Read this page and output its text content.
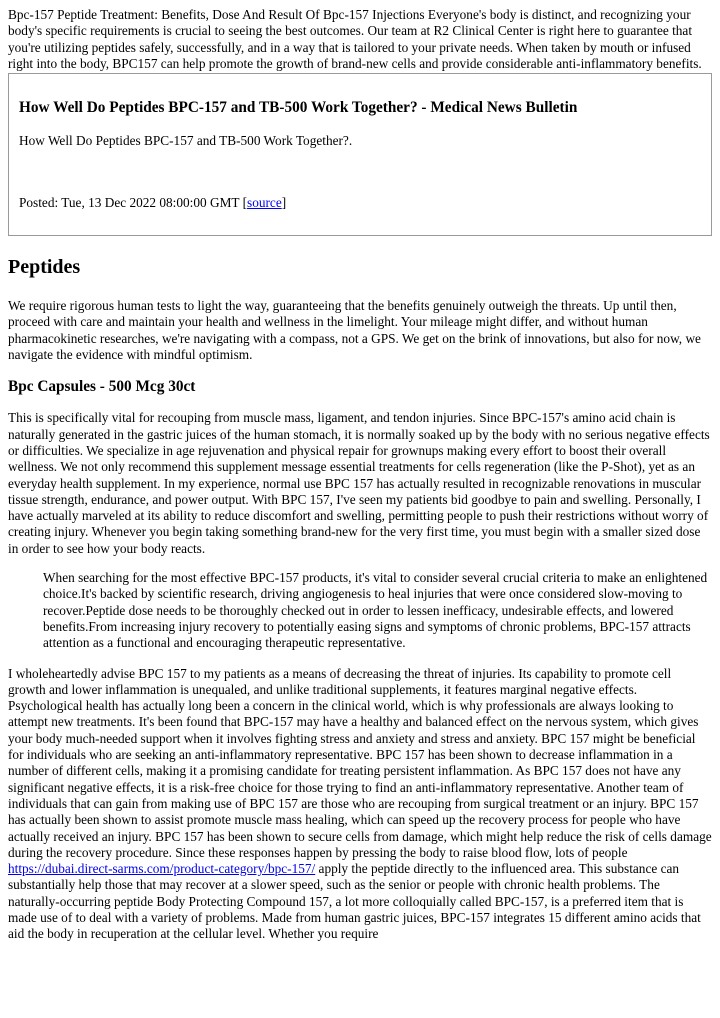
Bpc-157 Peptide Treatment: Benefits, Dose And Result Of Bpc-157 Injections Everyone's body is distinct, and recognizing your body's specific requirements is crucial to seeing the best outcomes. Our team at R2 Clinical Center is right here to guarantee that you're utilizing peptides safely, successfully, and in a way that is tailored to your private needs. When taken by mouth or infused right into the body, BPC157 can help promote the growth of brand-new cells and provide considerable anti-inflammatory benefits.

How Well Do Peptides BPC-157 and TB-500 Work Together? - Medical News Bulletin

How Well Do Peptides BPC-157 and TB-500 Work Together?.

Posted: Tue, 13 Dec 2022 08:00:00 GMT [source]

Peptides

We require rigorous human tests to light the way, guaranteeing that the benefits genuinely outweigh the threats. Up until then, proceed with care and maintain your health and wellness in the limelight. Your mileage might differ, and without human pharmacokinetic researches, we're navigating with a compass, not a GPS. We get on the brink of innovations, but also for now, we navigate the evidence with mindful optimism.

Bpc Capsules - 500 Mcg 30ct

This is specifically vital for recouping from muscle mass, ligament, and tendon injuries. Since BPC-157's amino acid chain is naturally generated in the gastric juices of the human stomach, it is normally soaked up by the body with no serious negative effects or difficulties. We specialize in age rejuvenation and physical repair for grownups making every effort to boost their overall wellness. We not only recommend this supplement message essential treatments for cells regeneration (like the P-Shot), yet as an everyday health supplement. In my experience, normal use BPC 157 has actually resulted in recognizable renovations in muscular tissue strength, endurance, and power output. With BPC 157, I've seen my patients bid goodbye to pain and swelling. Personally, I have actually marveled at its ability to reduce discomfort and swelling, permitting people to push their restrictions without worry of creating injury. Whenever you begin taking something brand-new for the very first time, you must begin with a smaller sized dose in order to see how your body reacts.

When searching for the most effective BPC-157 products, it's vital to consider several crucial criteria to make an enlightened choice.It's backed by scientific research, driving angiogenesis to heal injuries that were once considered slow-moving to recover.Peptide dose needs to be thoroughly checked out in order to lessen inefficacy, undesirable effects, and lowered benefits.From increasing injury recovery to potentially easing signs and symptoms of chronic problems, BPC-157 attracts attention as a functional and encouraging therapeutic representative.

I wholeheartedly advise BPC 157 to my patients as a means of decreasing the threat of injuries. Its capability to promote cell growth and lower inflammation is unequaled, and unlike traditional supplements, it features marginal negative effects. Psychological health has actually long been a concern in the clinical world, which is why professionals are always looking to attempt new treatments. It's been found that BPC-157 may have a healthy and balanced effect on the nervous system, which gives your body much-needed support when it involves fighting stress and anxiety and stress and anxiety. BPC 157 might be beneficial for individuals who are seeking an anti-inflammatory representative. BPC 157 has been shown to decrease inflammation in a number of different cells, making it a promising candidate for treating persistent inflammation. As BPC 157 does not have any significant negative effects, it is a risk-free choice for those trying to find an anti-inflammatory representative. Another team of individuals that can gain from making use of BPC 157 are those who are recouping from surgical treatment or an injury. BPC 157 has actually been shown to assist promote muscle mass healing, which can speed up the recovery process for people who have actually received an injury. BPC 157 has been shown to secure cells from damage, which might help reduce the risk of cells damage during the recovery procedure. Since these responses happen by pressing the body to raise blood flow, lots of people https://dubai.direct-sarms.com/product-category/bpc-157/ apply the peptide directly to the influenced area. This substance can substantially help those that may recover at a slower speed, such as the senior or people with chronic health problems. The naturally-occurring peptide Body Protecting Compound 157, a lot more colloquially called BPC-157, is a preferred item that is made use of to deal with a variety of problems. Made from human gastric juices, BPC-157 integrates 15 different amino acids that aid the body in recuperation at the cellular level. Whether you require
